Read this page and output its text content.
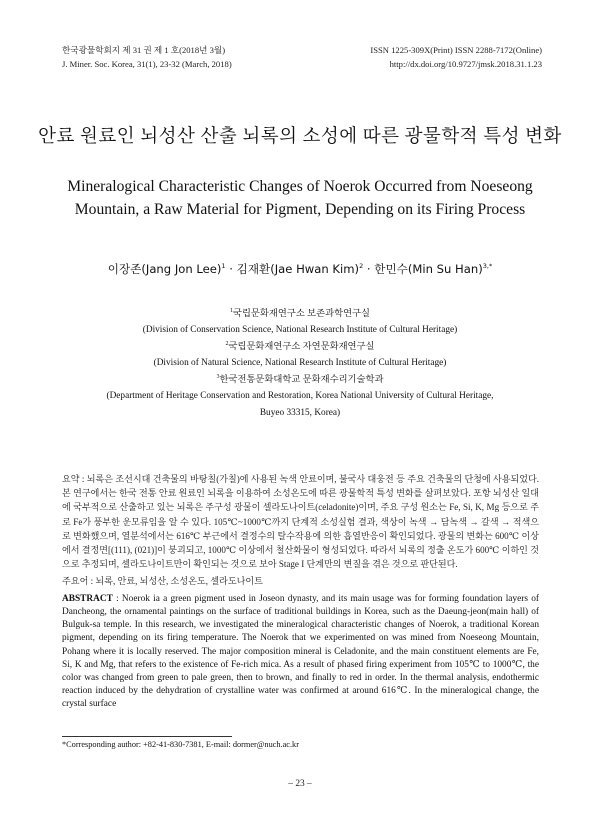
한국광물학회지 제 31 권 제 1 호(2018년 3월)
J. Miner. Soc. Korea, 31(1), 23-32 (March, 2018)
ISSN 1225-309X(Print) ISSN 2288-7172(Online)
http://dx.doi.org/10.9727/jmsk.2018.31.1.23
안료 원료인 뇌성산 산출 뇌록의 소성에 따른 광물학적 특성 변화
Mineralogical Characteristic Changes of Noerok Occurred from Noeseong Mountain, a Raw Material for Pigment, Depending on its Firing Process
이장존(Jang Jon Lee)$^1$ · 김재환(Jae Hwan Kim)$^2$ · 한민수(Min Su Han)$^{3,*}$
$^1$국립문화재연구소 보존과학연구실
(Division of Conservation Science, National Research Institute of Cultural Heritage)
$^2$국립문화재연구소 자연문화재연구실
(Division of Natural Science, National Research Institute of Cultural Heritage)
$^3$한국전통문화대학교 문화재수리기술학과
(Department of Heritage Conservation and Restoration, Korea National University of Cultural Heritage,
Buyeo 33315, Korea)
요약 : 뇌록은 조선시대 건축물의 바탕칠(가칠)에 사용된 녹색 안료이며, 불국사 대웅전 등 주요 건축물의 단청에 사용되었다. 본 연구에서는 한국 전통 안료 원료인 뇌록을 이용하여 소성온도에 따른 광물학적 특성 변화를 살펴보았다. 포항 뇌성산 일대에 국부적으로 산출하고 있는 뇌록은 주구성 광물이 셀라도나이트(celadonite)이며, 주요 구성 원소는 Fe, Si, K, Mg 등으로 주로 Fe가 풍부한 운모류임을 알 수 있다. 105℃~1000℃까지 단계적 소성실험 결과, 색상이 녹색 → 담녹색 → 갈색 → 적색으로 변화했으며, 열분석에서는 616℃ 부근에서 결정수의 탈수작용에 의한 흡열반응이 확인되었다. 광물의 변화는 600℃ 이상에서 결정면[(111), (021)]이 붕괴되고, 1000℃ 이상에서 철산화물이 형성되었다. 따라서 뇌록의 정출 온도가 600℃ 이하인 것으로 추정되며, 셀라도나이트만이 확인되는 것으로 보아 Stage I 단계만의 변질을 겪은 것으로 판단된다.
주요어 : 뇌록, 안료, 뇌성산, 소성온도, 셀라도나이트
ABSTRACT : Noerok ia a green pigment used in Joseon dynasty, and its main usage was for forming foundation layers of Dancheong, the ornamental paintings on the surface of traditional buildings in Korea, such as the Daeung-jeon(main hall) of Bulguk-sa temple. In this research, we investigated the mineralogical characteristic changes of Noerok, a traditional Korean pigment, depending on its firing temperature. The Noerok that we experimented on was mined from Noeseong Mountain, Pohang where it is locally reserved. The major composition mineral is Celadonite, and the main constituent elements are Fe, Si, K and Mg, that refers to the existence of Fe-rich mica. As a result of phased firing experiment from 105℃ to 1000℃, the color was changed from green to pale green, then to brown, and finally to red in order. In the thermal analysis, endothermic reaction induced by the dehydration of crystalline water was confirmed at around 616℃. In the mineralogical change, the crystal surface
*Corresponding author: +82-41-830-7381, E-mail: dormer@nuch.ac.kr
– 23 –
